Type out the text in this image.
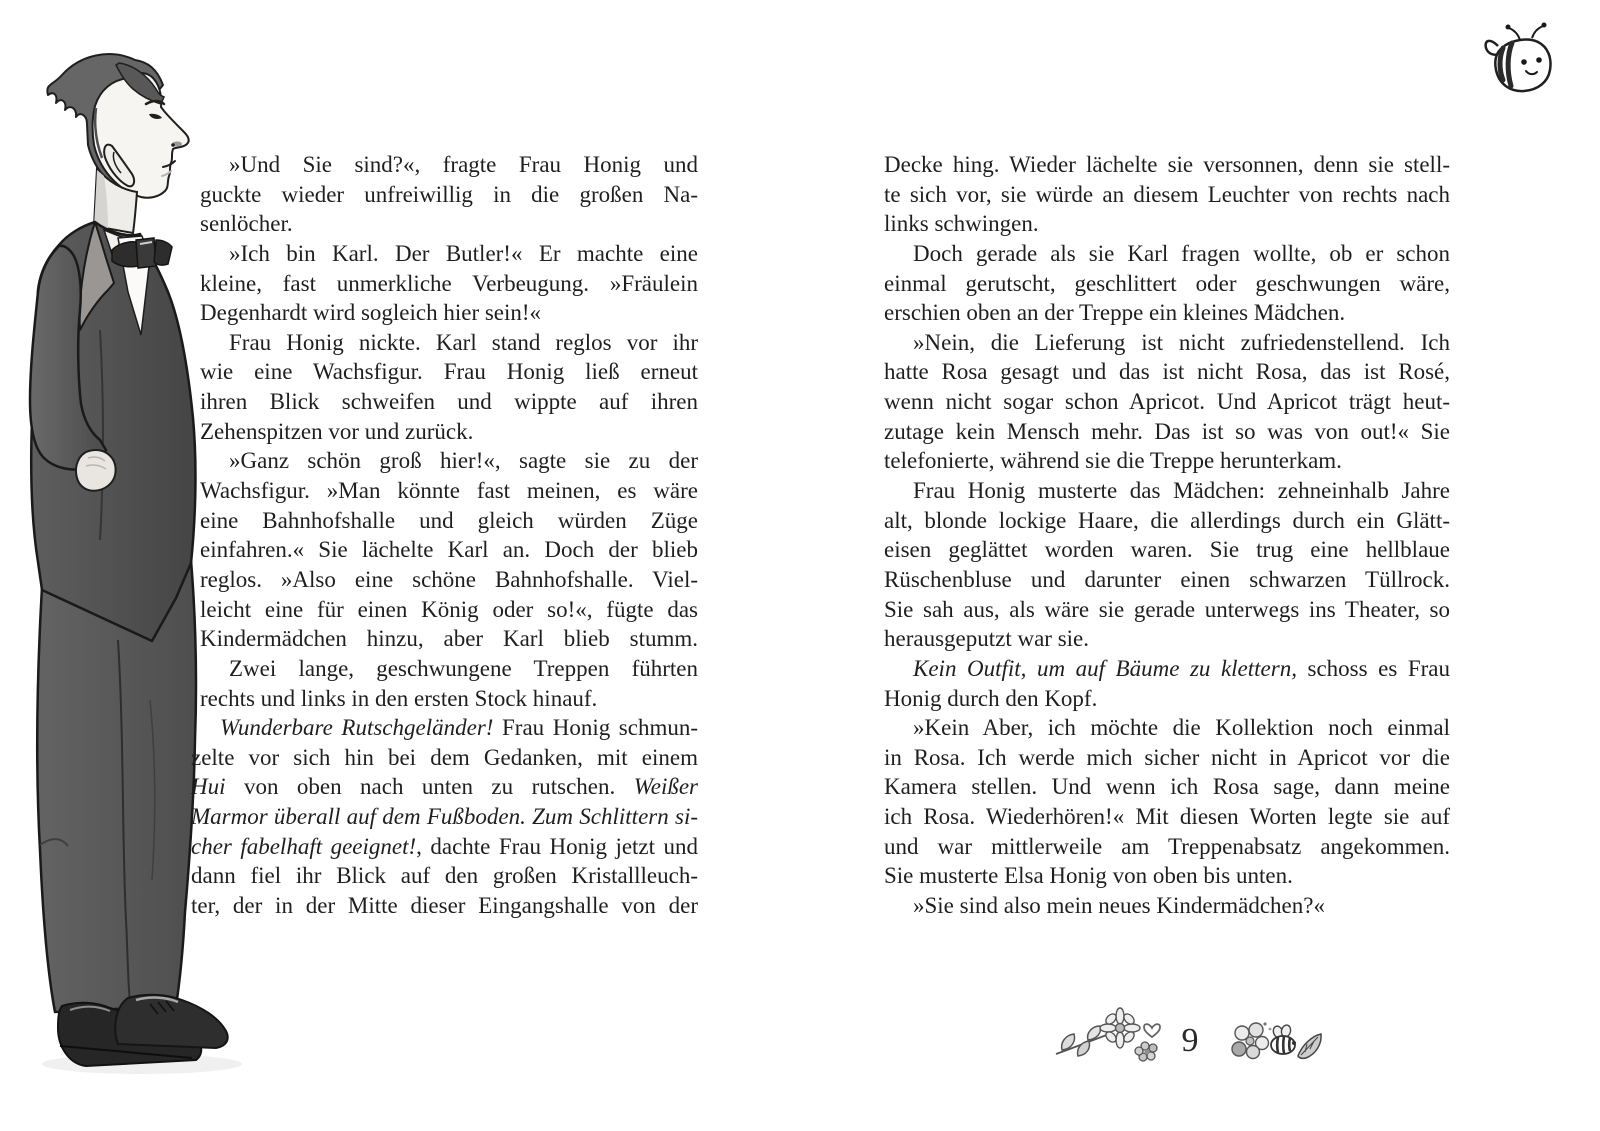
»Und Sie sind?«, fragte Frau Honig und
guckte wieder unfreiwillig in die großen Na-
senlöcher.
»Ich bin Karl. Der Butler!« Er machte eine
kleine, fast unmerkliche Verbeugung. »Fräulein
Degenhardt wird sogleich hier sein!«
Frau Honig nickte. Karl stand reglos vor ihr
wie eine Wachsfigur. Frau Honig ließ erneut
ihren Blick schweifen und wippte auf ihren
Zehenspitzen vor und zurück.
»Ganz schön groß hier!«, sagte sie zu der
Wachsfigur. »Man könnte fast meinen, es wäre
eine Bahnhofshalle und gleich würden Züge
einfahren.« Sie lächelte Karl an. Doch der blieb
reglos. »Also eine schöne Bahnhofshalle. Viel-
leicht eine für einen König oder so!«, fügte das
Kindermädchen hinzu, aber Karl blieb stumm.
Zwei lange, geschwungene Treppen führten
rechts und links in den ersten Stock hinauf.
Wunderbare Rutschgeländer! Frau Honig schmun-
zelte vor sich hin bei dem Gedanken, mit einem
Hui von oben nach unten zu rutschen. Weißer
Marmor überall auf dem Fußboden. Zum Schlittern si-
cher fabelhaft geeignet!, dachte Frau Honig jetzt und
dann fiel ihr Blick auf den großen Kristallleuch-
ter, der in der Mitte dieser Eingangshalle von der
Decke hing. Wieder lächelte sie versonnen, denn sie stell-
te sich vor, sie würde an diesem Leuchter von rechts nach
links schwingen.
Doch gerade als sie Karl fragen wollte, ob er schon
einmal gerutscht, geschlittert oder geschwungen wäre,
erschien oben an der Treppe ein kleines Mädchen.
»Nein, die Lieferung ist nicht zufriedenstellend. Ich
hatte Rosa gesagt und das ist nicht Rosa, das ist Rosé,
wenn nicht sogar schon Apricot. Und Apricot trägt heut-
zutage kein Mensch mehr. Das ist so was von out!« Sie
telefonierte, während sie die Treppe herunterkam.
Frau Honig musterte das Mädchen: zehneinhalb Jahre
alt, blonde lockige Haare, die allerdings durch ein Glätt-
eisen geglättet worden waren. Sie trug eine hellblaue
Rüschenbluse und darunter einen schwarzen Tüllrock.
Sie sah aus, als wäre sie gerade unterwegs ins Theater, so
herausgeputzt war sie.
Kein Outfit, um auf Bäume zu klettern, schoss es Frau
Honig durch den Kopf.
»Kein Aber, ich möchte die Kollektion noch einmal
in Rosa. Ich werde mich sicher nicht in Apricot vor die
Kamera stellen. Und wenn ich Rosa sage, dann meine
ich Rosa. Wiederhören!« Mit diesen Worten legte sie auf
und war mittlerweile am Treppenabsatz angekommen.
Sie musterte Elsa Honig von oben bis unten.
»Sie sind also mein neues Kindermädchen?«
9
